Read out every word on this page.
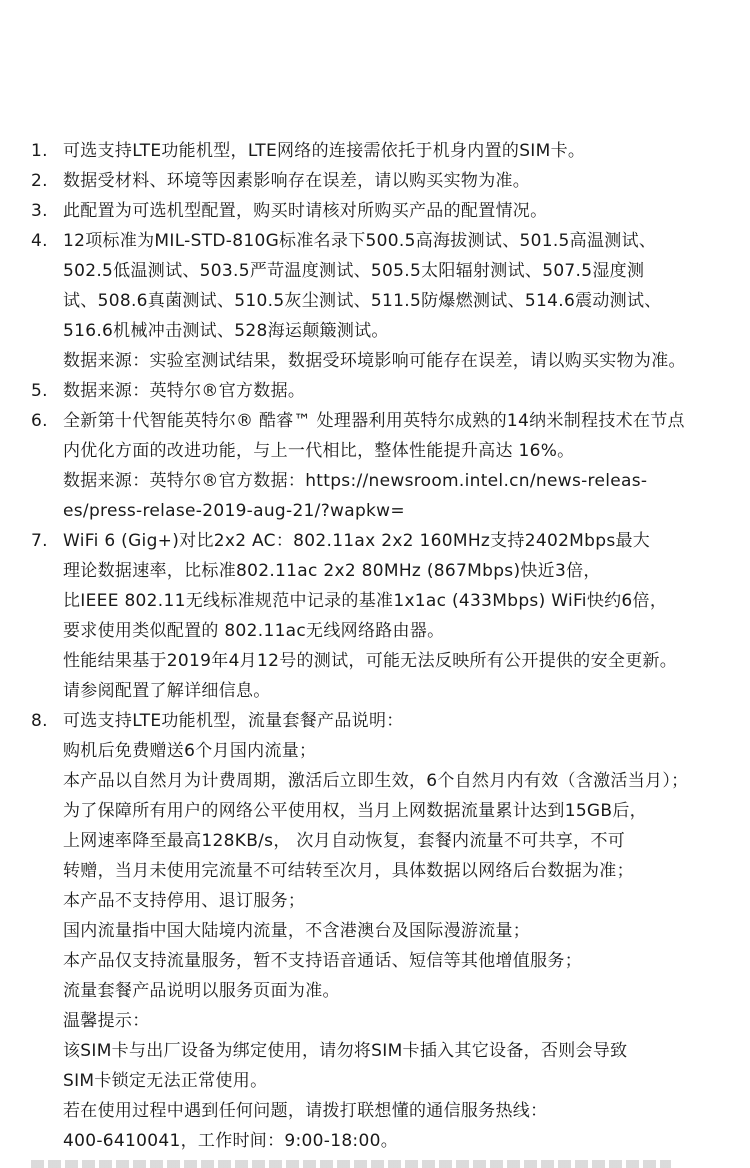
1. 可选支持LTE功能机型，LTE网络的连接需依托于机身内置的SIM卡。
2. 数据受材料、环境等因素影响存在误差，请以购买实物为准。
3. 此配置为可选机型配置，购买时请核对所购买产品的配置情况。
4. 12项标准为MIL-STD-810G标准名录下500.5高海拔测试、501.5高温测试、
502.5低温测试、503.5严苛温度测试、505.5太阳辐射测试、507.5湿度测
试、508.6真菌测试、510.5灰尘测试、511.5防爆燃测试、514.6震动测试、
516.6机械冲击测试、528海运颠簸测试。
数据来源：实验室测试结果，数据受环境影响可能存在误差，请以购买实物为准。
5. 数据来源：英特尔®官方数据。
6. 全新第十代智能英特尔® 酷睿™ 处理器利用英特尔成熟的14纳米制程技术在节点
内优化方面的改进功能，与上一代相比，整体性能提升高达 16%。
数据来源：英特尔®官方数据：https://newsroom.intel.cn/news-releas-
es/press-relase-2019-aug-21/?wapkw=
7. WiFi 6 (Gig+)对比2x2 AC：802.11ax 2x2 160MHz支持2402Mbps最大
理论数据速率，比标准802.11ac 2x2 80MHz (867Mbps)快近3倍，
比IEEE 802.11无线标准规范中记录的基准1x1ac (433Mbps) WiFi快约6倍，
要求使用类似配置的 802.11ac无线网络路由器。
性能结果基于2019年4月12号的测试，可能无法反映所有公开提供的安全更新。
请参阅配置了解详细信息。
8. 可选支持LTE功能机型，流量套餐产品说明：
购机后免费赠送6个月国内流量；
本产品以自然月为计费周期，激活后立即生效，6个自然月内有效（含激活当月）；
为了保障所有用户的网络公平使用权，当月上网数据流量累计达到15GB后，
上网速率降至最高128KB/s， 次月自动恢复，套餐内流量不可共享，不可
转赠，当月未使用完流量不可结转至次月，具体数据以网络后台数据为准；
本产品不支持停用、退订服务；
国内流量指中国大陆境内流量，不含港澳台及国际漫游流量；
本产品仅支持流量服务，暂不支持语音通话、短信等其他增值服务；
流量套餐产品说明以服务页面为准。
温馨提示：
该SIM卡与出厂设备为绑定使用，请勿将SIM卡插入其它设备，否则会导致
SIM卡锁定无法正常使用。
若在使用过程中遇到任何问题，请拨打联想懂的通信服务热线：
400-6410041，工作时间：9:00-18:00。
